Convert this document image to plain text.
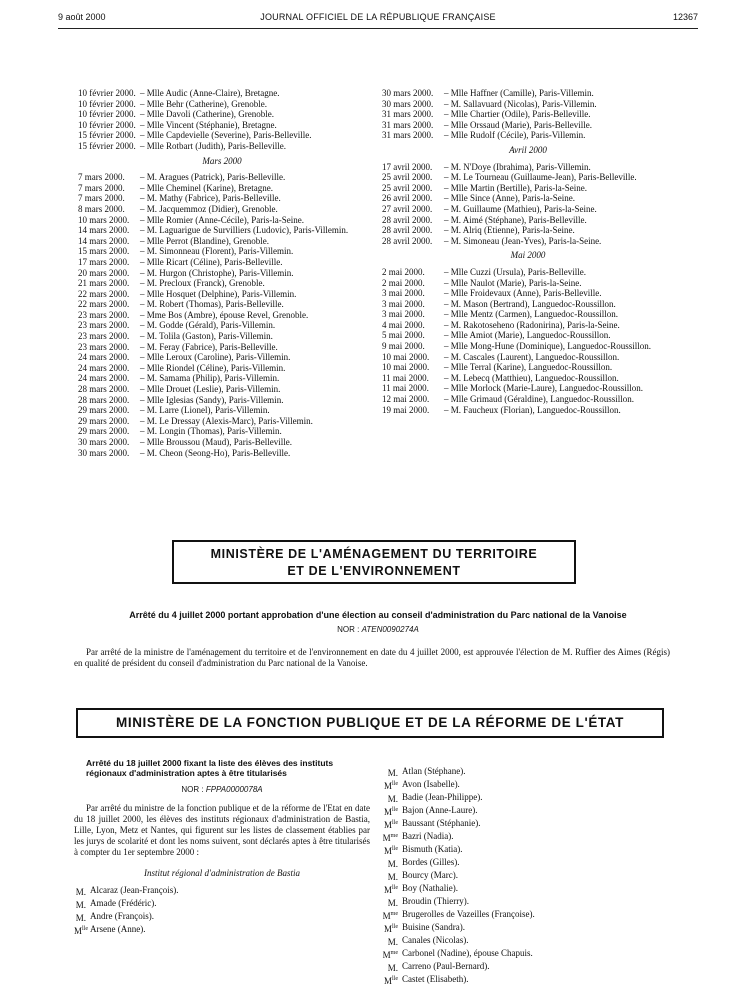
9 août 2000	JOURNAL OFFICIEL DE LA RÉPUBLIQUE FRANÇAISE	12367
10 février 2000. – Mlle Audic (Anne-Claire), Bretagne.
10 février 2000. – Mlle Behr (Catherine), Grenoble.
10 février 2000. – Mlle Davoli (Catherine), Grenoble.
10 février 2000. – Mlle Vincent (Stéphanie), Bretagne.
15 février 2000. – Mlle Capdevielle (Severine), Paris-Belleville.
15 février 2000. – Mlle Rotbart (Judith), Paris-Belleville.
Mars 2000
7 mars 2000.	– M. Aragues (Patrick), Paris-Belleville.
7 mars 2000.	– Mlle Cheminel (Karine), Bretagne.
7 mars 2000.	– M. Mathy (Fabrice), Paris-Belleville.
8 mars 2000.	– M. Jacquemmoz (Didier), Grenoble.
10 mars 2000.	– Mlle Romier (Anne-Cécile), Paris-la-Seine.
14 mars 2000.	– M. Laguarigue de Survilliers (Ludovic), Paris-Villemin.
14 mars 2000.	– Mlle Perrot (Blandine), Grenoble.
15 mars 2000.	– M. Simonneau (Florent), Paris-Villemin.
17 mars 2000.	– Mlle Ricart (Céline), Paris-Belleville.
20 mars 2000.	– M. Hurgon (Christophe), Paris-Villemin.
21 mars 2000.	– M. Precloux (Franck), Grenoble.
22 mars 2000.	– Mlle Hosquet (Delphine), Paris-Villemin.
22 mars 2000.	– M. Robert (Thomas), Paris-Belleville.
23 mars 2000.	– Mme Bos (Ambre), épouse Revel, Grenoble.
23 mars 2000.	– M. Godde (Gérald), Paris-Villemin.
23 mars 2000.	– M. Tolila (Gaston), Paris-Villemin.
23 mars 2000.	– M. Feray (Fabrice), Paris-Belleville.
24 mars 2000.	– Mlle Leroux (Caroline), Paris-Villemin.
24 mars 2000.	– Mlle Riondel (Céline), Paris-Villemin.
24 mars 2000.	– M. Samama (Philip), Paris-Villemin.
28 mars 2000.	– Mlle Drouet (Leslie), Paris-Villemin.
28 mars 2000.	– Mlle Iglesias (Sandy), Paris-Villemin.
29 mars 2000.	– M. Larre (Lionel), Paris-Villemin.
29 mars 2000.	– M. Le Dressay (Alexis-Marc), Paris-Villemin.
29 mars 2000.	– M. Longin (Thomas), Paris-Villemin.
30 mars 2000.	– Mlle Broussou (Maud), Paris-Belleville.
30 mars 2000.	– M. Cheon (Seong-Ho), Paris-Belleville.
30 mars 2000.	– Mlle Haffner (Camille), Paris-Villemin.
30 mars 2000.	– M. Sallavuard (Nicolas), Paris-Villemin.
31 mars 2000.	– Mlle Chartier (Odile), Paris-Belleville.
31 mars 2000.	– Mlle Orssaud (Marie), Paris-Belleville.
31 mars 2000.	– Mlle Rudolf (Cécile), Paris-Villemin.
Avril 2000
17 avril 2000.	– M. N'Doye (Ibrahima), Paris-Villemin.
25 avril 2000.	– M. Le Tourneau (Guillaume-Jean), Paris-Belleville.
25 avril 2000.	– Mlle Martin (Bertille), Paris-la-Seine.
26 avril 2000.	– Mlle Since (Anne), Paris-la-Seine.
27 avril 2000.	– M. Guillaume (Mathieu), Paris-la-Seine.
28 avril 2000.	– M. Aimé (Stéphane), Paris-Belleville.
28 avril 2000.	– M. Alriq (Etienne), Paris-la-Seine.
28 avril 2000.	– M. Simoneau (Jean-Yves), Paris-la-Seine.
Mai 2000
2 mai 2000.	– Mlle Cuzzi (Ursula), Paris-Belleville.
2 mai 2000.	– Mlle Naulot (Marie), Paris-la-Seine.
3 mai 2000.	– Mlle Froidevaux (Anne), Paris-Belleville.
3 mai 2000.	– M. Mason (Bertrand), Languedoc-Roussillon.
3 mai 2000.	– Mlle Mentz (Carmen), Languedoc-Roussillon.
4 mai 2000.	– M. Rakotoseheno (Radonirina), Paris-la-Seine.
5 mai 2000.	– Mlle Amiot (Marie), Languedoc-Roussillon.
9 mai 2000.	– Mlle Mong-Hune (Dominique), Languedoc-Roussillon.
10 mai 2000.	– M. Cascales (Laurent), Languedoc-Roussillon.
10 mai 2000.	– Mlle Terral (Karine), Languedoc-Roussillon.
11 mai 2000.	– M. Lebecq (Matthieu), Languedoc-Roussillon.
11 mai 2000.	– Mlle Morlock (Marie-Laure), Languedoc-Roussillon.
12 mai 2000.	– Mlle Grimaud (Géraldine), Languedoc-Roussillon.
19 mai 2000.	– M. Faucheux (Florian), Languedoc-Roussillon.
MINISTÈRE DE L'AMÉNAGEMENT DU TERRITOIRE
ET DE L'ENVIRONNEMENT
Arrêté du 4 juillet 2000 portant approbation d'une élection au conseil d'administration du Parc national de la Vanoise
NOR : ATEN0090274A
Par arrêté de la ministre de l'aménagement du territoire et de l'environnement en date du 4 juillet 2000, est approuvée l'élection de M. Ruffier des Aimes (Régis) en qualité de président du conseil d'administration du Parc national de la Vanoise.
MINISTÈRE DE LA FONCTION PUBLIQUE ET DE LA RÉFORME DE L'ÉTAT
Arrêté du 18 juillet 2000 fixant la liste des élèves des instituts régionaux d'administration aptes à être titularisés
NOR : FPPA0000078A
Par arrêté du ministre de la fonction publique et de la réforme de l'Etat en date du 18 juillet 2000, les élèves des instituts régionaux d'administration de Bastia, Lille, Lyon, Metz et Nantes, qui figurent sur les listes de classement établies par les jurys de scolarité et dont les noms suivent, sont déclarés aptes à être titularisés à compter du 1er septembre 2000 :
Institut régional d'administration de Bastia
M. Alcaraz (Jean-François).
M. Amade (Frédéric).
M. Andre (François).
$M^{lle}$ Arsene (Anne).
M. Atlan (Stéphane).
$M^{lle}$ Avon (Isabelle).
M. Badie (Jean-Philippe).
$M^{lle}$ Bajon (Anne-Laure).
$M^{lle}$ Baussant (Stéphanie).
$M^{me}$ Bazri (Nadia).
$M^{lle}$ Bismuth (Katia).
M. Bordes (Gilles).
M. Bourcy (Marc).
$M^{lle}$ Boy (Nathalie).
M. Broudin (Thierry).
$M^{me}$ Brugerolles de Vazeilles (Françoise).
$M^{lle}$ Buisine (Sandra).
M. Canales (Nicolas).
$M^{me}$ Carbonel (Nadine), épouse Chapuis.
M. Carreno (Paul-Bernard).
$M^{lle}$ Castet (Elisabeth).
